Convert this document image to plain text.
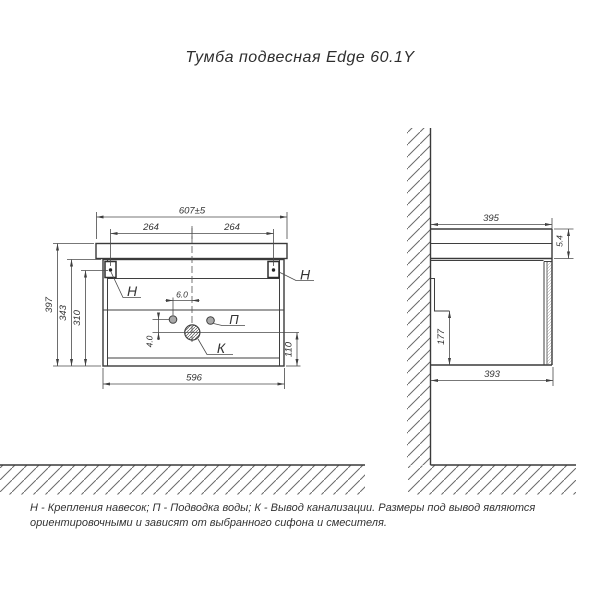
Тумба подвесная Edge 60.1Y
607±5
264	264
397
343 310
6.0
4.0
110
596
Н
Н
П
К
395
5.4
177
393
Н - Крепления навесок; П - Подводка воды; К - Вывод канализации. Размеры под вывод являются
ориентировочными и зависят от выбранного сифона и смесителя.
